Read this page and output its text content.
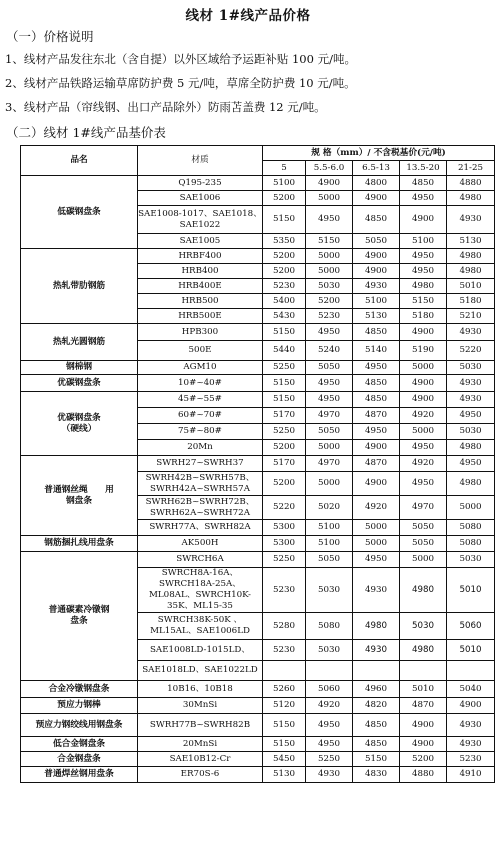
线材 1#线产品价格
（一）价格说明
1、线材产品发往东北（含自提）以外区域给予运距补贴 100 元/吨。
2、线材产品铁路运输草席防护费 5 元/吨，草席全防护费 10 元/吨。
3、线材产品（帘线钢、出口产品除外）防雨苫盖费 12 元/吨。
（二）线材 1#线产品基价表
品名	材质	规 格（mm）/ 不含税基价(元/吨)				
		5	5.5-6.0	6.5-13	13.5-20	21-25
低碳钢盘条	Q195-235	5100	4900	4800	4850	4880
	SAE1006	5200	5000	4900	4950	4980
	SAE1008-1017、SAE1018、SAE1022	5150	4950	4850	4900	4930
	SAE1005	5350	5150	5050	5100	5130
热轧带肋钢筋	HRBF400	5200	5000	4900	4950	4980
	HRB400	5200	5000	4900	4950	4980
	HRB400E	5230	5030	4930	4980	5010
	HRB500	5400	5200	5100	5150	5180
	HRB500E	5430	5230	5130	5180	5210
热轧光圆钢筋	HPB300	5150	4950	4850	4900	4930
	500E	5440	5240	5140	5190	5220
钢棉钢	AGM10	5250	5050	4950	5000	5030
优碳钢盘条	10#~40#	5150	4950	4850	4900	4930
优碳钢盘条
（硬线）	45#~55#	5150	4950	4850	4900	4930
	60#~70#	5170	4970	4870	4920	4950
	75#~80#	5250	5050	4950	5000	5030
	20Mn	5200	5000	4900	4950	4980
普通钢丝绳　　用
钢盘条	SWRH27~SWRH37	5170	4970	4870	4920	4950
	SWRH42B~SWRH57B、SWRH42A~SWRH57A	5200	5000	4900	4950	4980
	SWRH62B~SWRH72B、SWRH62A~SWRH72A	5220	5020	4920	4970	5000
	SWRH77A、SWRH82A	5300	5100	5000	5050	5080
钢筋捆扎线用盘条	AK500H	5300	5100	5000	5050	5080
普通碳素冷镦钢
盘条	SWRCH6A	5250	5050	4950	5000	5030
	SWRCH8A-16A、SWRCH18A-25A、ML08AL、SWRCH10K-35K、ML15-35	5230	5030	4930	4980	5010
	SWRCH38K-50K 、ML15AL、SAE1006LD	5280	5080	4980	5030	5060
	SAE1008LD-1015LD、	5230	5030	4930	4980	5010
	SAE1018LD、SAE1022LD					
合金冷镦钢盘条	10B16、10B18	5260	5060	4960	5010	5040
预应力钢棒	30MnSi	5120	4920	4820	4870	4900
预应力钢绞线用钢盘条	SWRH77B~SWRH82B	5150	4950	4850	4900	4930
低合金钢盘条	20MnSi	5150	4950	4850	4900	4930
合金钢盘条	SAE10B12-Cr	5450	5250	5150	5200	5230
普通焊丝钢用盘条	ER70S-6	5130	4930	4830	4880	4910
